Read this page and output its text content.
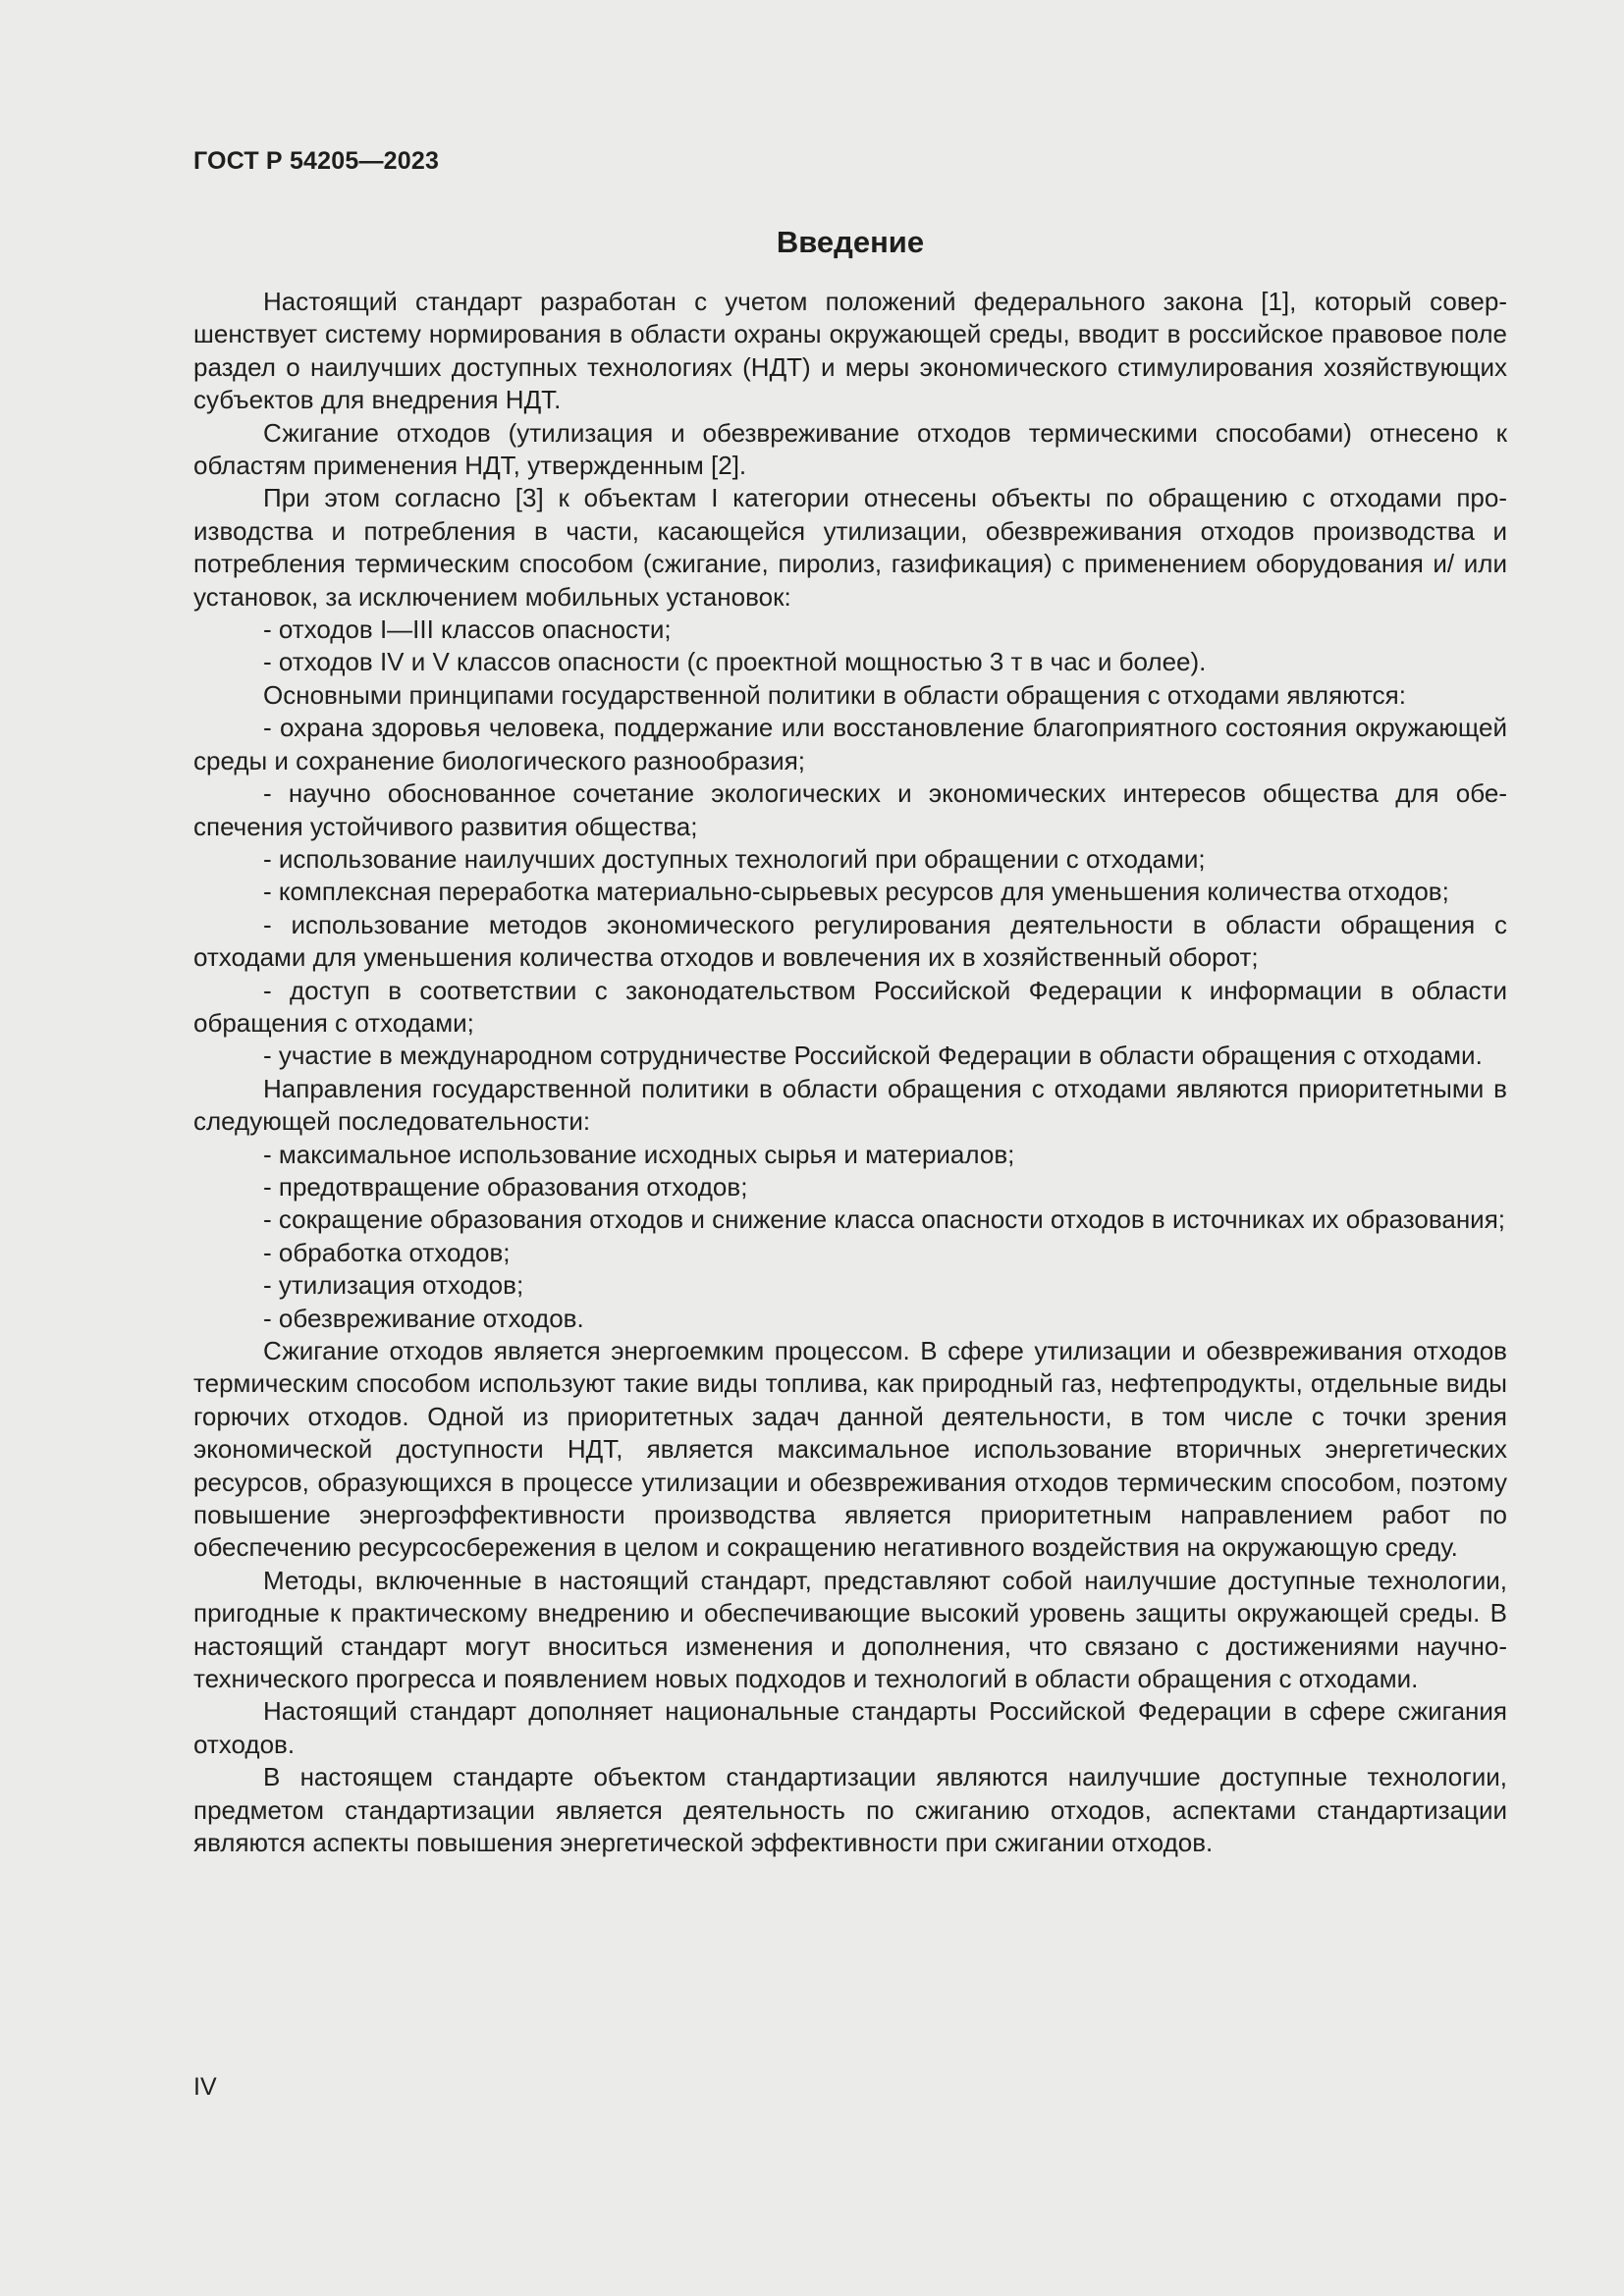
ГОСТ Р 54205—2023
Введение

Настоящий стандарт разработан с учетом положений федерального закона [1], который совершенствует систему нормирования в области охраны окружающей среды, вводит в российское правовое поле раздел о наилучших доступных технологиях (НДТ) и меры экономического стимулирования хозяйствующих субъектов для внедрения НДТ.

Сжигание отходов (утилизация и обезвреживание отходов термическими способами) отнесено к областям применения НДТ, утвержденным [2].

При этом согласно [3] к объектам I категории отнесены объекты по обращению с отходами производства и потребления в части, касающейся утилизации, обезвреживания отходов производства и потребления термическим способом (сжигание, пиролиз, газификация) с применением оборудования и/ или установок, за исключением мобильных установок:

- отходов I—III классов опасности;

- отходов IV и V классов опасности (с проектной мощностью 3 т в час и более).

Основными принципами государственной политики в области обращения с отходами являются:

- охрана здоровья человека, поддержание или восстановление благоприятного состояния окружающей среды и сохранение биологического разнообразия;

- научно обоснованное сочетание экологических и экономических интересов общества для обеспечения устойчивого развития общества;

- использование наилучших доступных технологий при обращении с отходами;

- комплексная переработка материально-сырьевых ресурсов для уменьшения количества отходов;

- использование методов экономического регулирования деятельности в области обращения с отходами для уменьшения количества отходов и вовлечения их в хозяйственный оборот;

- доступ в соответствии с законодательством Российской Федерации к информации в области обращения с отходами;

- участие в международном сотрудничестве Российской Федерации в области обращения с отходами.

Направления государственной политики в области обращения с отходами являются приоритетными в следующей последовательности:

- максимальное использование исходных сырья и материалов;

- предотвращение образования отходов;

- сокращение образования отходов и снижение класса опасности отходов в источниках их образования;

- обработка отходов;

- утилизация отходов;

- обезвреживание отходов.

Сжигание отходов является энергоемким процессом. В сфере утилизации и обезвреживания отходов термическим способом используют такие виды топлива, как природный газ, нефтепродукты, отдельные виды горючих отходов. Одной из приоритетных задач данной деятельности, в том числе с точки зрения экономической доступности НДТ, является максимальное использование вторичных энергетических ресурсов, образующихся в процессе утилизации и обезвреживания отходов термическим способом, поэтому повышение энергоэффективности производства является приоритетным направлением работ по обеспечению ресурсосбережения в целом и сокращению негативного воздействия на окружающую среду.

Методы, включенные в настоящий стандарт, представляют собой наилучшие доступные технологии, пригодные к практическому внедрению и обеспечивающие высокий уровень защиты окружающей среды. В настоящий стандарт могут вноситься изменения и дополнения, что связано с достижениями научно-технического прогресса и появлением новых подходов и технологий в области обращения с отходами.

Настоящий стандарт дополняет национальные стандарты Российской Федерации в сфере сжигания отходов.

В настоящем стандарте объектом стандартизации являются наилучшие доступные технологии, предметом стандартизации является деятельность по сжиганию отходов, аспектами стандартизации являются аспекты повышения энергетической эффективности при сжигании отходов.

IV
